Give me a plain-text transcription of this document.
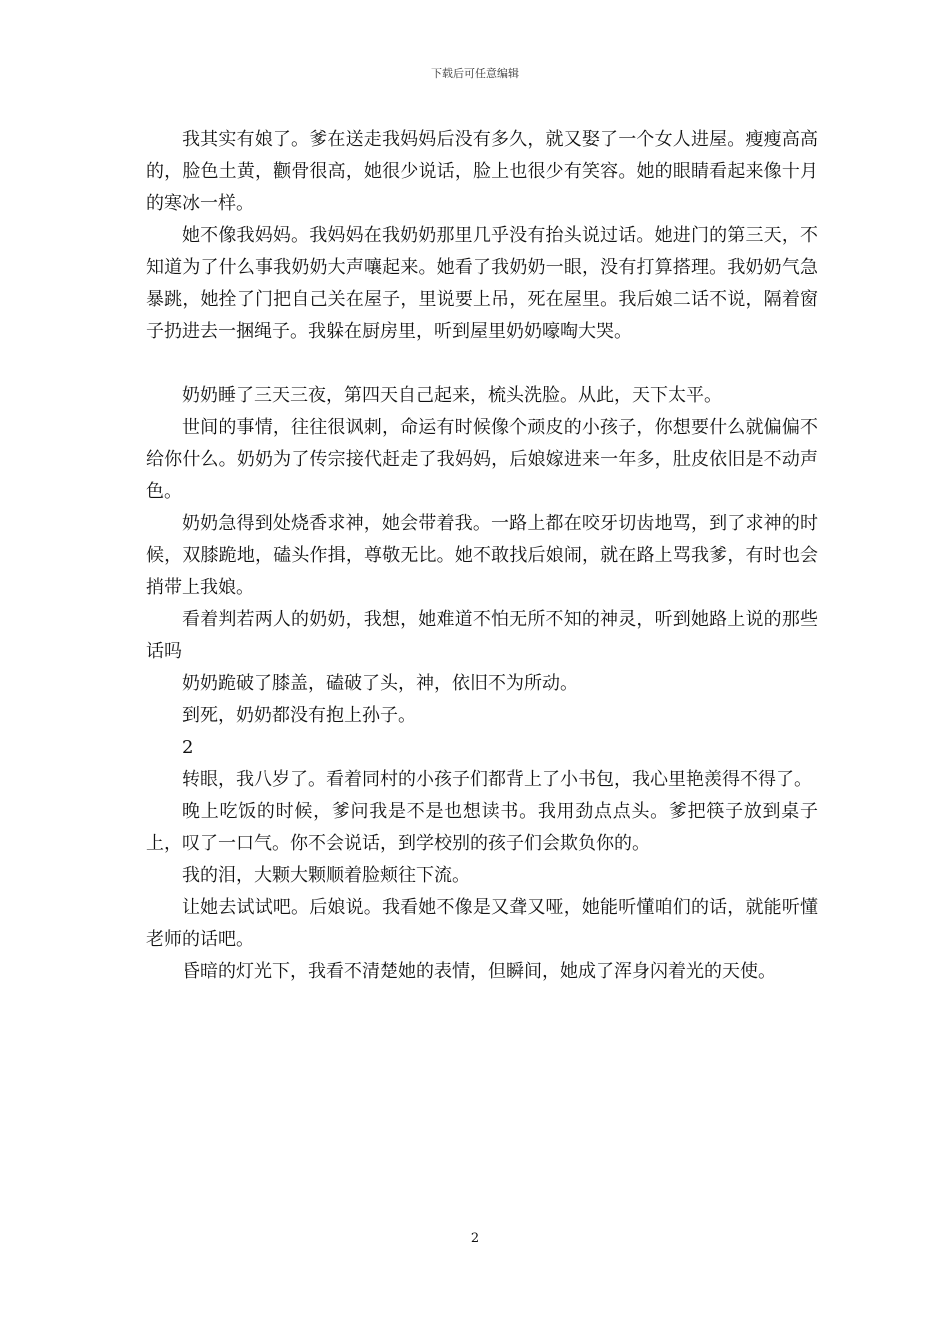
下载后可任意编辑

我其实有娘了。爹在送走我妈妈后没有多久，就又娶了一个女人进屋。瘦瘦高高的，脸色土黄，颧骨很高，她很少说话，脸上也很少有笑容。她的眼睛看起来像十月的寒冰一样。

她不像我妈妈。我妈妈在我奶奶那里几乎没有抬头说过话。她进门的第三天，不知道为了什么事我奶奶大声嚷起来。她看了我奶奶一眼，没有打算搭理。我奶奶气急暴跳，她拴了门把自己关在屋子，里说要上吊，死在屋里。我后娘二话不说，隔着窗子扔进去一捆绳子。我躲在厨房里，听到屋里奶奶嚎啕大哭。

奶奶睡了三天三夜，第四天自己起来，梳头洗脸。从此，天下太平。

世间的事情，往往很讽刺，命运有时候像个顽皮的小孩子，你想要什么就偏偏不给你什么。奶奶为了传宗接代赶走了我妈妈，后娘嫁进来一年多，肚皮依旧是不动声色。

奶奶急得到处烧香求神，她会带着我。一路上都在咬牙切齿地骂，到了求神的时候，双膝跪地，磕头作揖，尊敬无比。她不敢找后娘闹，就在路上骂我爹，有时也会捎带上我娘。

看着判若两人的奶奶，我想，她难道不怕无所不知的神灵，听到她路上说的那些话吗

奶奶跪破了膝盖，磕破了头，神，依旧不为所动。

到死，奶奶都没有抱上孙子。

2

转眼，我八岁了。看着同村的小孩子们都背上了小书包，我心里艳羡得不得了。

晚上吃饭的时候，爹问我是不是也想读书。我用劲点点头。爹把筷子放到桌子上，叹了一口气。你不会说话，到学校别的孩子们会欺负你的。

我的泪，大颗大颗顺着脸颊往下流。

让她去试试吧。后娘说。我看她不像是又聋又哑，她能听懂咱们的话，就能听懂老师的话吧。

昏暗的灯光下，我看不清楚她的表情，但瞬间，她成了浑身闪着光的天使。

2
